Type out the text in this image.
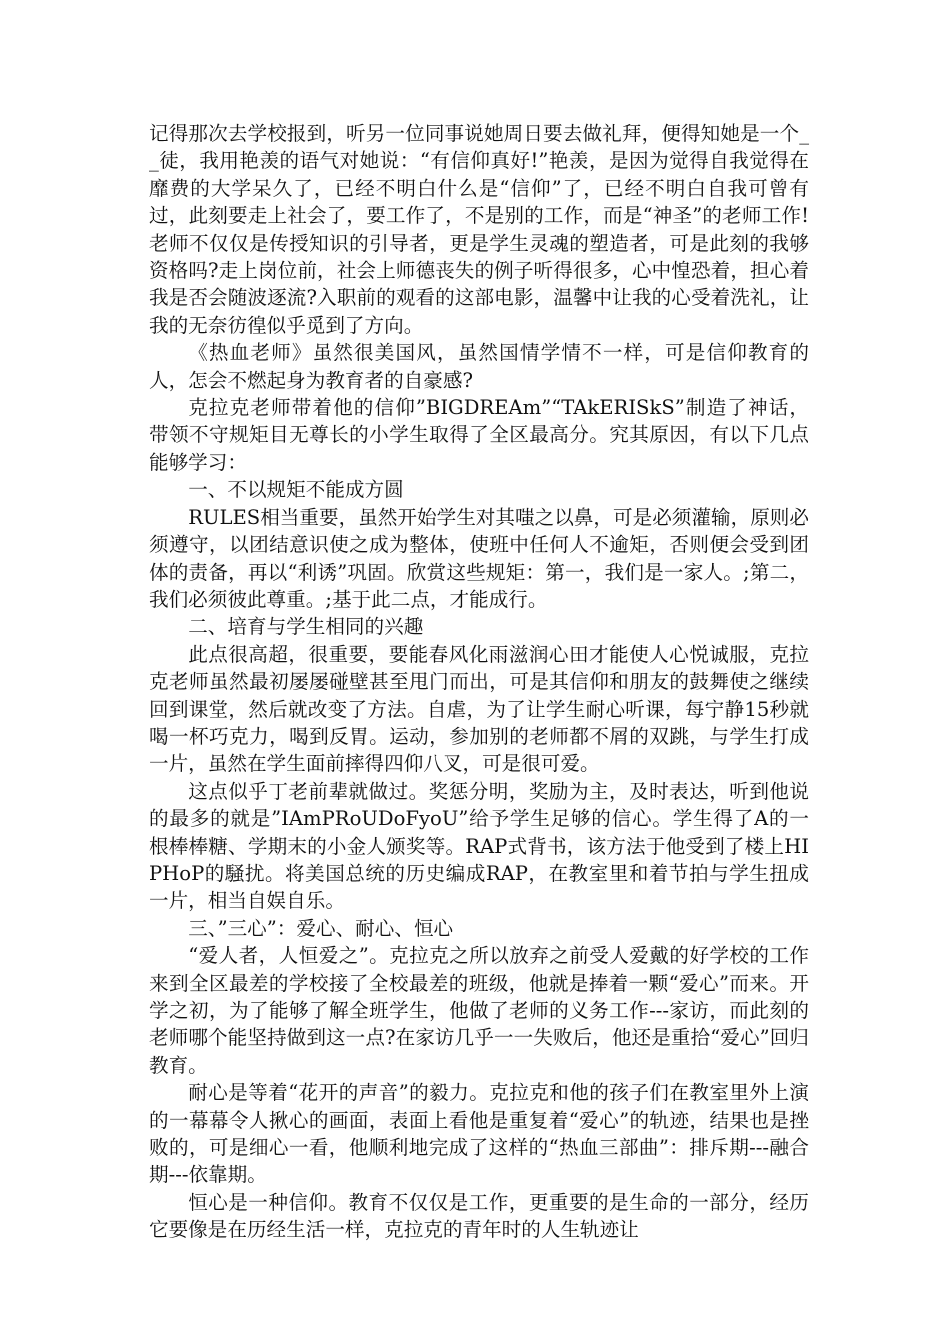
记得那次去学校报到，听另一位同事说她周日要去做礼拜，便得知她是一个__徒，我用艳羡的语气对她说：“有信仰真好!”艳羡，是因为觉得自我觉得在靡费的大学呆久了，已经不明白什么是“信仰”了，已经不明白自我可曾有过，此刻要走上社会了，要工作了，不是别的工作，而是“神圣”的老师工作!老师不仅仅是传授知识的引导者，更是学生灵魂的塑造者，可是此刻的我够资格吗?走上岗位前，社会上师德丧失的例子听得很多，心中惶恐着，担心着我是否会随波逐流?入职前的观看的这部电影，温馨中让我的心受着洗礼，让我的无奈彷徨似乎觅到了方向。

《热血老师》虽然很美国风，虽然国情学情不一样，可是信仰教育的人，怎会不燃起身为教育者的自豪感?

克拉克老师带着他的信仰”BIGDREAm”“TAkERISkS”制造了神话，带领不守规矩目无尊长的小学生取得了全区最高分。究其原因，有以下几点能够学习：

一、不以规矩不能成方圆

RULES相当重要，虽然开始学生对其嗤之以鼻，可是必须灌输，原则必须遵守，以团结意识使之成为整体，使班中任何人不逾矩，否则便会受到团体的责备，再以“利诱”巩固。欣赏这些规矩：第一，我们是一家人。;第二，我们必须彼此尊重。;基于此二点，才能成行。

二、培育与学生相同的兴趣

此点很高超，很重要，要能春风化雨滋润心田才能使人心悦诚服，克拉克老师虽然最初屡屡碰壁甚至甩门而出，可是其信仰和朋友的鼓舞使之继续回到课堂，然后就改变了方法。自虐，为了让学生耐心听课，每宁静15秒就喝一杯巧克力，喝到反胃。运动，参加别的老师都不屑的双跳，与学生打成一片，虽然在学生面前摔得四仰八叉，可是很可爱。

这点似乎丁老前辈就做过。奖惩分明，奖励为主，及时表达，听到他说的最多的就是”IAmPRoUDoFyoU”给予学生足够的信心。学生得了A的一根棒棒糖、学期末的小金人颁奖等。RAP式背书，该方法于他受到了楼上HIPHoP的騒扰。将美国总统的历史编成RAP，在教室里和着节拍与学生扭成一片，相当自娱自乐。

三、”三心”：爱心、耐心、恒心

“爱人者，人恒爱之”。克拉克之所以放弃之前受人爱戴的好学校的工作来到全区最差的学校接了全校最差的班级，他就是捧着一颗“爱心”而来。开学之初，为了能够了解全班学生，他做了老师的义务工作---家访，而此刻的老师哪个能坚持做到这一点?在家访几乎一一失败后，他还是重拾“爱心”回归教育。

耐心是等着“花开的声音”的毅力。克拉克和他的孩子们在教室里外上演的一幕幕令人揪心的画面，表面上看他是重复着“爱心”的轨迹，结果也是挫败的，可是细心一看，他顺利地完成了这样的“热血三部曲”：排斥期---融合期---依靠期。

恒心是一种信仰。教育不仅仅是工作，更重要的是生命的一部分，经历它要像是在历经生活一样，克拉克的青年时的人生轨迹让
